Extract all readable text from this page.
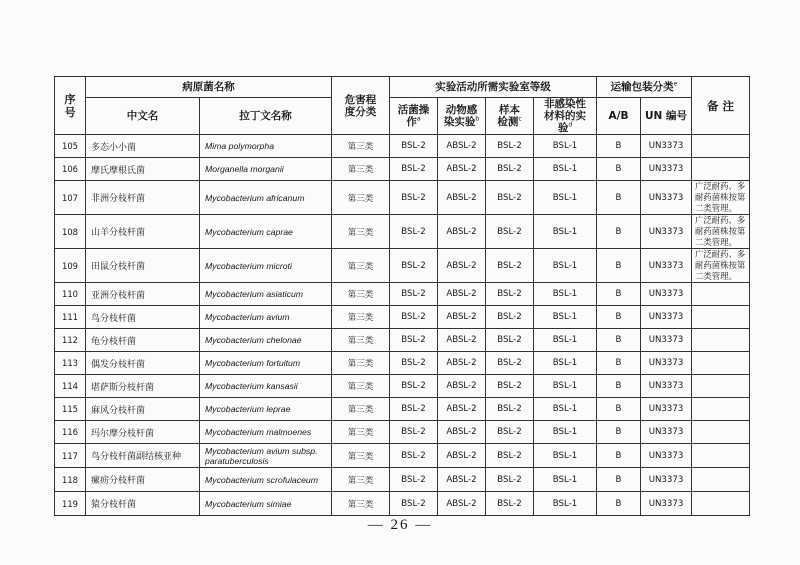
序号	病原菌名称		危害程度分类	实验活动所需实验室等级				运输包装分类$^e$		备 注
	中文名	拉丁文名称		活菌操作$^a$	动物感染实验$^b$	样本检测$^c$	非感染性材料的实验$^d$	A/B	UN 编号	
105	多态小小菌	Mima polymorpha	第三类	BSL-2	ABSL-2	BSL-2	BSL-1	B	UN3373	
106	摩氏摩根氏菌	Morganella morganii	第三类	BSL-2	ABSL-2	BSL-2	BSL-1	B	UN3373	
107	非洲分枝杆菌	Mycobacterium africanum	第三类	BSL-2	ABSL-2	BSL-2	BSL-1	B	UN3373	广泛耐药、多耐药菌株按第二类管理。
108	山羊分枝杆菌	Mycobacterium caprae	第三类	BSL-2	ABSL-2	BSL-2	BSL-1	B	UN3373	广泛耐药、多耐药菌株按第二类管理。
109	田鼠分枝杆菌	Mycobacterium microti	第三类	BSL-2	ABSL-2	BSL-2	BSL-1	B	UN3373	广泛耐药、多耐药菌株按第二类管理。
110	亚洲分枝杆菌	Mycobacterium asiaticum	第三类	BSL-2	ABSL-2	BSL-2	BSL-1	B	UN3373	
111	鸟分枝杆菌	Mycobacterium avium	第三类	BSL-2	ABSL-2	BSL-2	BSL-1	B	UN3373	
112	龟分枝杆菌	Mycobacterium chelonae	第三类	BSL-2	ABSL-2	BSL-2	BSL-1	B	UN3373	
113	偶发分枝杆菌	Mycobacterium fortuitum	第三类	BSL-2	ABSL-2	BSL-2	BSL-1	B	UN3373	
114	堪萨斯分枝杆菌	Mycobacterium kansasii	第三类	BSL-2	ABSL-2	BSL-2	BSL-1	B	UN3373	
115	麻风分枝杆菌	Mycobacterium leprae	第三类	BSL-2	ABSL-2	BSL-2	BSL-1	B	UN3373	
116	玛尔摩分枝杆菌	Mycobacterium malmoenes	第三类	BSL-2	ABSL-2	BSL-2	BSL-1	B	UN3373	
117	鸟分枝杆菌副结核亚种	Mycobacterium avium subsp. paratuberculosis	第三类	BSL-2	ABSL-2	BSL-2	BSL-1	B	UN3373	
118	瘰疬分枝杆菌	Mycobacterium scrofulaceum	第三类	BSL-2	ABSL-2	BSL-2	BSL-1	B	UN3373	
119	猿分枝杆菌	Mycobacterium simiae	第三类	BSL-2	ABSL-2	BSL-2	BSL-1	B	UN3373	
— 26 —
